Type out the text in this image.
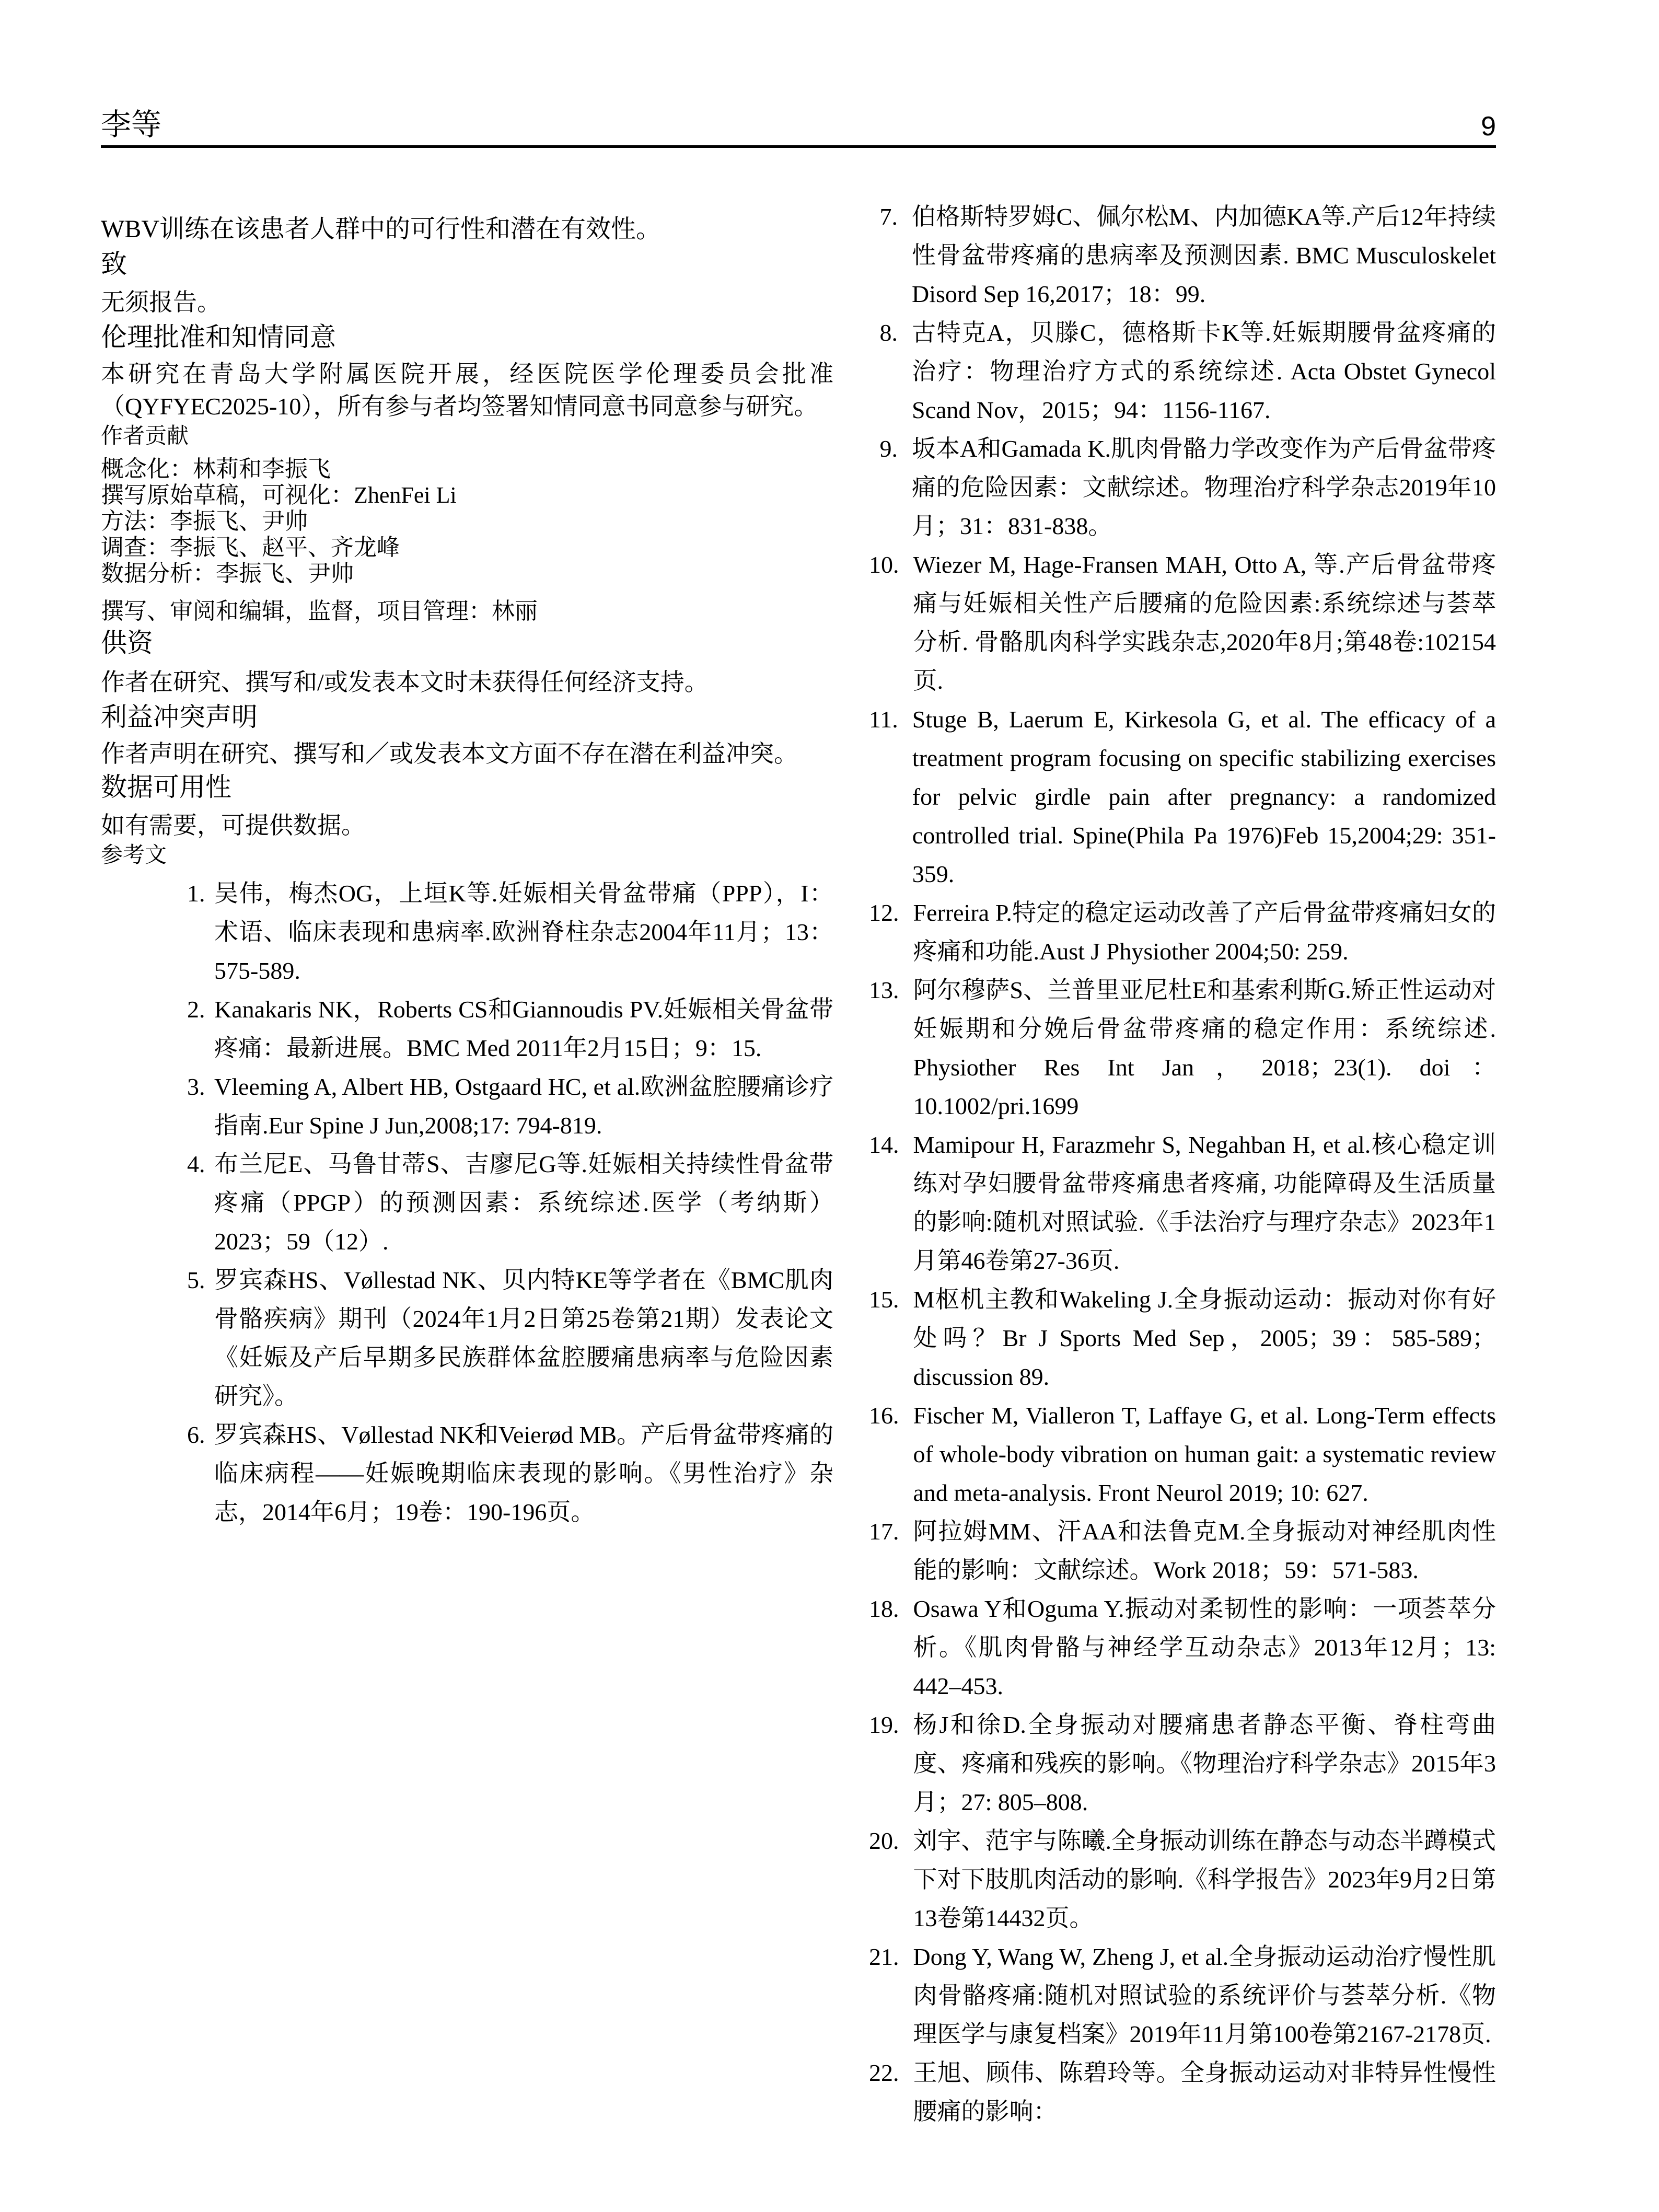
李等	9

WBV训练在该患者人群中的可行性和潜在有效性。

致

无须报告。

伦理批准和知情同意

本研究在青岛大学附属医院开展，经医院医学伦理委员会批准（QYFYEC2025-10），所有参与者均签署知情同意书同意参与研究。

作者贡献

概念化：林莉和李振飞

撰写原始草稿，可视化：ZhenFei Li

方法：李振飞、尹帅

调查：李振飞、赵平、齐龙峰

数据分析：李振飞、尹帅

撰写、审阅和编辑，监督，项目管理：林丽

供资

作者在研究、撰写和/或发表本文时未获得任何经济支持。

利益冲突声明

作者声明在研究、撰写和／或发表本文方面不存在潜在利益冲突。

数据可用性

如有需要，可提供数据。

参考文
1. 吴伟，梅杰OG，上垣K等.妊娠相关骨盆带痛（PPP），I：术语、临床表现和患病率.欧洲脊柱杂志2004年11月；13：575-589.
2. Kanakaris NK，Roberts CS和Giannoudis PV.妊娠相关骨盆带疼痛：最新进展。BMC Med 2011年2月15日；9：15.
3. Vleeming A, Albert HB, Ostgaard HC, et al.欧洲盆腔腰痛诊疗指南.Eur Spine J Jun,2008;17: 794-819.
4. 布兰尼E、马鲁甘蒂S、吉廖尼G等.妊娠相关持续性骨盆带疼痛（PPGP）的预测因素：系统综述.医学（考纳斯）2023；59（12）.
5. 罗宾森HS、Vøllestad NK、贝内特KE等学者在《BMC肌肉骨骼疾病》期刊（2024年1月2日第25卷第21期）发表论文《妊娠及产后早期多民族群体盆腔腰痛患病率与危险因素研究》。
6. 罗宾森HS、Vøllestad NK和Veierød MB。产后骨盆带疼痛的临床病程——妊娠晚期临床表现的影响。《男性治疗》杂志，2014年6月；19卷：190-196页。
7. 伯格斯特罗姆C、佩尔松M、内加德KA等.产后12年持续性骨盆带疼痛的患病率及预测因素. BMC Musculoskelet Disord Sep 16,2017；18：99.
8. 古特克A，贝滕C，德格斯卡K等.妊娠期腰骨盆疼痛的治疗：物理治疗方式的系统综述. Acta Obstet Gynecol Scand Nov，2015；94：1156-1167.
9. 坂本A和Gamada K.肌肉骨骼力学改变作为产后骨盆带疼痛的危险因素：文献综述。物理治疗科学杂志2019年10月；31：831-838。
10. Wiezer M, Hage-Fransen MAH, Otto A, 等.产后骨盆带疼痛与妊娠相关性产后腰痛的危险因素:系统综述与荟萃分析. 骨骼肌肉科学实践杂志,2020年8月;第48卷:102154页.
11. Stuge B, Laerum E, Kirkesola G, et al. The efficacy of a treatment program focusing on specific stabilizing exercises for pelvic girdle pain after pregnancy: a randomized controlled trial. Spine(Phila Pa 1976)Feb 15,2004;29: 351-359.
12. Ferreira P.特定的稳定运动改善了产后骨盆带疼痛妇女的疼痛和功能.Aust J Physiother 2004;50: 259.
13. 阿尔穆萨S、兰普里亚尼杜E和基索利斯G.矫正性运动对妊娠期和分娩后骨盆带疼痛的稳定作用：系统综述. Physiother Res Int Jan，2018；23(1). doi：10.1002/pri.1699
14. Mamipour H, Farazmehr S, Negahban H, et al.核心稳定训练对孕妇腰骨盆带疼痛患者疼痛, 功能障碍及生活质量的影响:随机对照试验.《手法治疗与理疗杂志》2023年1月第46卷第27-36页.
15. M枢机主教和Wakeling J.全身振动运动：振动对你有好处吗？Br J Sports Med Sep，2005；39：585-589；discussion 89.
16. Fischer M, Vialleron T, Laffaye G, et al. Long-Term effects of whole-body vibration on human gait: a systematic review and meta-analysis. Front Neurol 2019; 10: 627.
17. 阿拉姆MM、汗AA和法鲁克M.全身振动对神经肌肉性能的影响：文献综述。Work 2018；59：571-583.
18. Osawa Y和Oguma Y.振动对柔韧性的影响：一项荟萃分析。《肌肉骨骼与神经学互动杂志》2013年12月；13: 442–453.
19. 杨J和徐D.全身振动对腰痛患者静态平衡、脊柱弯曲度、疼痛和残疾的影响。《物理治疗科学杂志》2015年3月；27: 805–808.
20. 刘宇、范宇与陈曦.全身振动训练在静态与动态半蹲模式下对下肢肌肉活动的影响.《科学报告》2023年9月2日第13卷第14432页。
21. Dong Y, Wang W, Zheng J, et al.全身振动运动治疗慢性肌肉骨骼疼痛:随机对照试验的系统评价与荟萃分析.《物理医学与康复档案》2019年11月第100卷第2167-2178页.
22. 王旭、顾伟、陈碧玲等。全身振动运动对非特异性慢性腰痛的影响：
